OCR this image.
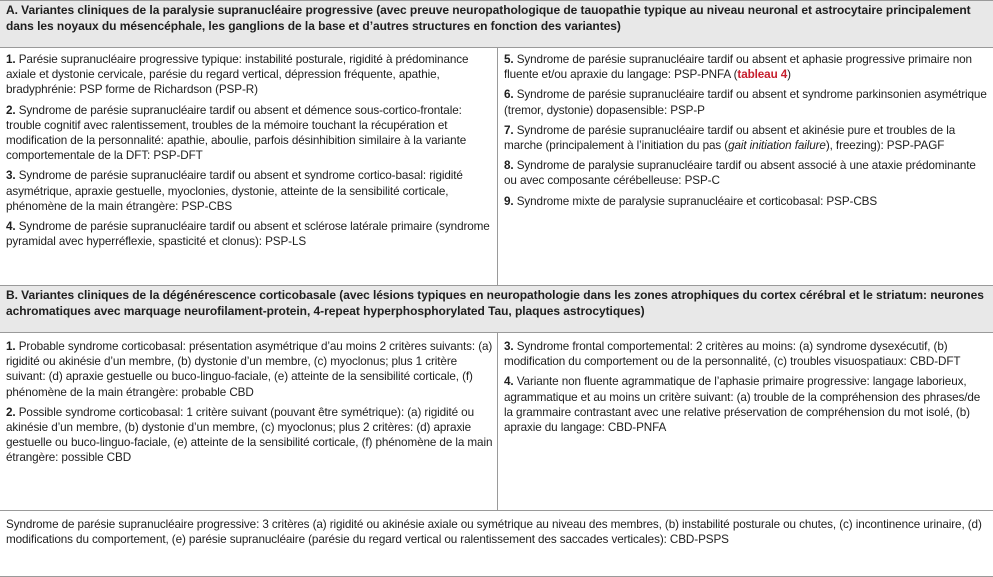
A. Variantes cliniques de la paralysie supranucléaire progressive (avec preuve neuropathologique de tauopathie typique au niveau neuronal et astrocytaire principalement dans les noyaux du mésencéphale, les ganglions de la base et d’autres structures en fonction des variantes)
1. Parésie supranucléaire progressive typique: instabilité posturale, rigidité à prédominance axiale et dystonie cervicale, parésie du regard vertical, dépression fréquente, apathie, bradyphrénie: PSP forme de Richardson (PSP-R)
2. Syndrome de parésie supranucléaire tardif ou absent et démence sous-cortico-frontale: trouble cognitif avec ralentissement, troubles de la mémoire touchant la récupération et modification de la personnalité: apathie, aboulie, parfois désinhibition similaire à la variante comportementale de la DFT: PSP-DFT
3. Syndrome de parésie supranucléaire tardif ou absent et syndrome cortico-basal: rigidité asymétrique, apraxie gestuelle, myoclonies, dystonie, atteinte de la sensibilité corticale, phénomène de la main étrangère: PSP-CBS
4. Syndrome de parésie supranucléaire tardif ou absent et sclérose latérale primaire (syndrome pyramidal avec hyperréflexie, spasticité et clonus): PSP-LS
5. Syndrome de parésie supranucléaire tardif ou absent et aphasie progressive primaire non fluente et/ou apraxie du langage: PSP-PNFA (tableau 4)
6. Syndrome de parésie supranucléaire tardif ou absent et syndrome parkinsonien asymétrique (tremor, dystonie) dopasensible: PSP-P
7. Syndrome de parésie supranucléaire tardif ou absent et akinésie pure et troubles de la marche (principalement à l’initiation du pas (gait initiation failure), freezing): PSP-PAGF
8. Syndrome de paralysie supranucléaire tardif ou absent associé à une ataxie prédominante ou avec composante cérébelleuse: PSP-C
9. Syndrome mixte de paralysie supranucléaire et corticobasal: PSP-CBS
B. Variantes cliniques de la dégénérescence corticobasale (avec lésions typiques en neuropathologie dans les zones atrophiques du cortex cérébral et le striatum: neurones achromatiques avec marquage neurofilament-protein, 4-repeat hyperphosphorylated Tau, plaques astrocytiques)
1. Probable syndrome corticobasal: présentation asymétrique d’au moins 2 critères suivants: (a) rigidité ou akinésie d’un membre, (b) dystonie d’un membre, (c) myoclonus; plus 1 critère suivant: (d) apraxie gestuelle ou buco-linguo-faciale, (e) atteinte de la sensibilité corticale, (f) phénomène de la main étrangère: probable CBD
2. Possible syndrome corticobasal: 1 critère suivant (pouvant être symétrique): (a) rigidité ou akinésie d’un membre, (b) dystonie d’un membre, (c) myoclonus; plus 2 critères: (d) apraxie gestuelle ou buco-linguo-faciale, (e) atteinte de la sensibilité corticale, (f) phénomène de la main étrangère: possible CBD
3. Syndrome frontal comportemental: 2 critères au moins: (a) syndrome dysexécutif, (b) modification du comportement ou de la personnalité, (c) troubles visuospatiaux: CBD-DFT
4. Variante non fluente agrammatique de l’aphasie primaire progressive: langage laborieux, agrammatique et au moins un critère suivant: (a) trouble de la compréhension des phrases/de la grammaire contrastant avec une relative préservation de compréhension du mot isolé, (b) apraxie du langage: CBD-PNFA
Syndrome de parésie supranucléaire progressive: 3 critères (a) rigidité ou akinésie axiale ou symétrique au niveau des membres, (b) instabilité posturale ou chutes, (c) incontinence urinaire, (d) modifications du comportement, (e) parésie supranucléaire (parésie du regard vertical ou ralentissement des saccades verticales): CBD-PSPS
